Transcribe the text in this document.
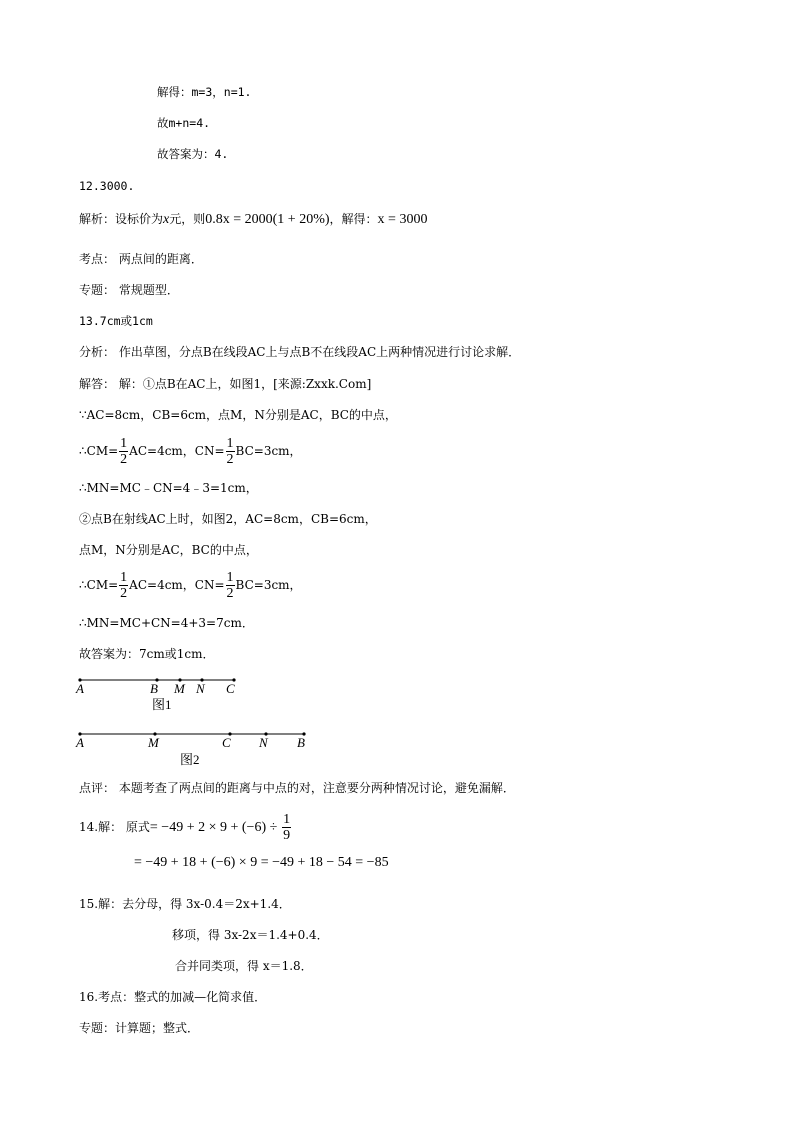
解得：m=3，n=1.
故m+n=4.
故答案为：4.
12.3000.
解析：设标价为x元，则0.8x = 2000(1 + 20%)，解得：x = 3000
考点： 两点间的距离．
专题： 常规题型．
13.7cm或1cm
分析： 作出草图，分点B在线段AC上与点B不在线段AC上两种情况进行讨论求解．
解答： 解：①点B在AC上，如图1，[来源:Zxxk.Com]
∵AC=8cm，CB=6cm，点M，N分别是AC，BC的中点，
∴CM= $\frac{1}{2} AC=4cm$，$CN= \frac{1}{2} BC=3cm$，
∴MN=MC﹣CN=4﹣3=1cm，
②点B在射线AC上时，如图2，AC=8cm，CB=6cm，
点M，N分别是AC，BC的中点，
∴CM= $\frac{1}{2} AC=4cm$，$CN= \frac{1}{2} BC=3cm$，
∴MN=MC+CN=4+3=7cm．
故答案为：7cm或1cm．
A	B M N C
图1
A	M	C N B
图2
点评： 本题考查了两点间的距离与中点的对，注意要分两种情况讨论，避免漏解．
14.解： 原式= $-49 + 2 \times 9 + (-6) \div \frac{1}{9}$
= −49 + 18 + (−6) × 9 = −49 + 18 − 54 = −85
15.解：去分母，得 3x-0.4＝2x+1.4．
移项，得 3x-2x＝1.4+0.4．
合并同类项，得 x＝1.8．
16.考点：整式的加减—化简求值．
专题：计算题；整式．
